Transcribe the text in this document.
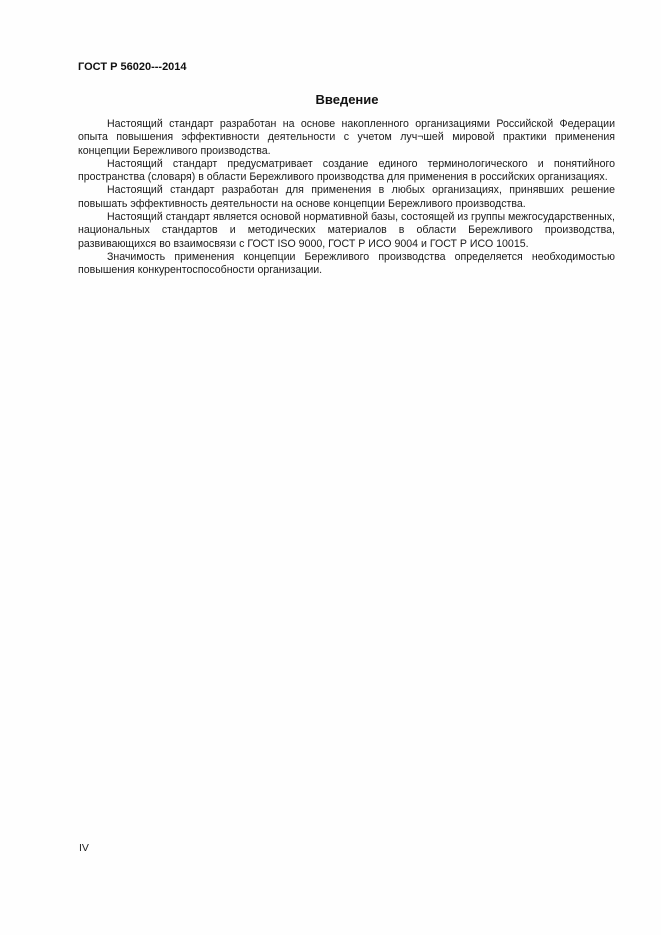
ГОСТ Р 56020---2014
Введение

Настоящий стандарт разработан на основе накопленного организациями Российской Федерации опыта повышения эффективности деятельности с учетом луч¬шей мировой практики применения концепции Бережливого производства.

Настоящий стандарт предусматривает создание единого терминологического и понятийного пространства (словаря) в области Бережливого производства для применения в российских организациях.

Настоящий стандарт разработан для применения в любых организациях, принявших решение повышать эффективность деятельности на основе концепции Бережливого производства.

Настоящий стандарт является основой нормативной базы, состоящей из группы межгосударственных, национальных стандартов и методических материалов в области Бережливого производства, развивающихся во взаимосвязи с ГОСТ ISO 9000, ГОСТ Р ИСО 9004 и ГОСТ Р ИСО 10015.

Значимость применения концепции Бережливого производства определяется необходимостью повышения конкурентоспособности организации.

IV
